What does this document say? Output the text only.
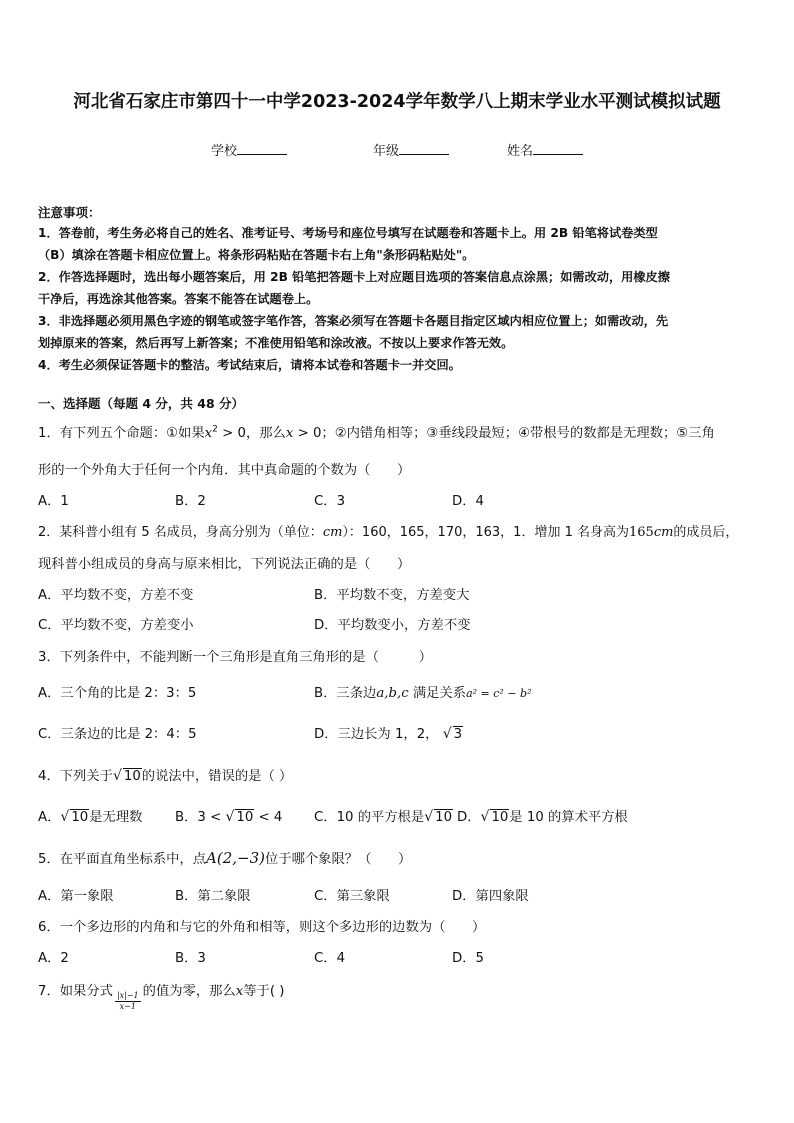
河北省石家庄市第四十一中学2023-2024学年数学八上期末学业水平测试模拟试题
学校	年级	姓名
注意事项：
1．答卷前，考生务必将自己的姓名、准考证号、考场号和座位号填写在试题卷和答题卡上。用 2B 铅笔将试卷类型
（B）填涂在答题卡相应位置上。将条形码粘贴在答题卡右上角"条形码粘贴处"。
2．作答选择题时，选出每小题答案后，用 2B 铅笔把答题卡上对应题目选项的答案信息点涂黑；如需改动，用橡皮擦
干净后，再选涂其他答案。答案不能答在试题卷上。
3．非选择题必须用黑色字迹的钢笔或签字笔作答，答案必须写在答题卡各题目指定区域内相应位置上；如需改动，先
划掉原来的答案，然后再写上新答案；不准使用铅笔和涂改液。不按以上要求作答无效。
4．考生必须保证答题卡的整洁。考试结束后，请将本试卷和答题卡一并交回。
一、选择题（每题 4 分，共 48 分）
1．有下列五个命题：①如果$x^2 > 0$，那么x > 0；②内错角相等；③垂线段最短；④带根号的数都是无理数；⑤三角
形的一个外角大于任何一个内角．其中真命题的个数为（　　）
A．1	B．2	C．3	D．4
2．某科普小组有 5 名成员，身高分别为（单位：cm）：160，165，170，163，1．增加 1 名身高为165cm的成员后，
现科普小组成员的身高与原来相比，下列说法正确的是（　　）
A．平均数不变，方差不变	B．平均数不变，方差变大
C．平均数不变，方差变小	D．平均数变小，方差不变
3．下列条件中，不能判断一个三角形是直角三角形的是（　　　）
A．三个角的比是 2：3：5	B．三条边a,b,c 满足关系a² = c² − b²
C．三条边的比是 2：4：5	D．三边长为 1，2， √ 3
4．下列关于√ 10的说法中，错误的是（ ）
A．√ 10是无理数 B．3 < √ 10 < 4 C．10 的平方根是√ 10 D．√ 10是 10 的算术平方根
5．在平面直角坐标系中，点A(2,−3)位于哪个象限？（　　）
A．第一象限	B．第二象限	C．第三象限	D．第四象限
6．一个多边形的内角和与它的外角和相等，则这个多边形的边数为（　　）
A．2	B．3	C．4	D．5
7．如果分式 $\frac{|x|-1}{x-1}$ 的值为零，那么x等于( )
